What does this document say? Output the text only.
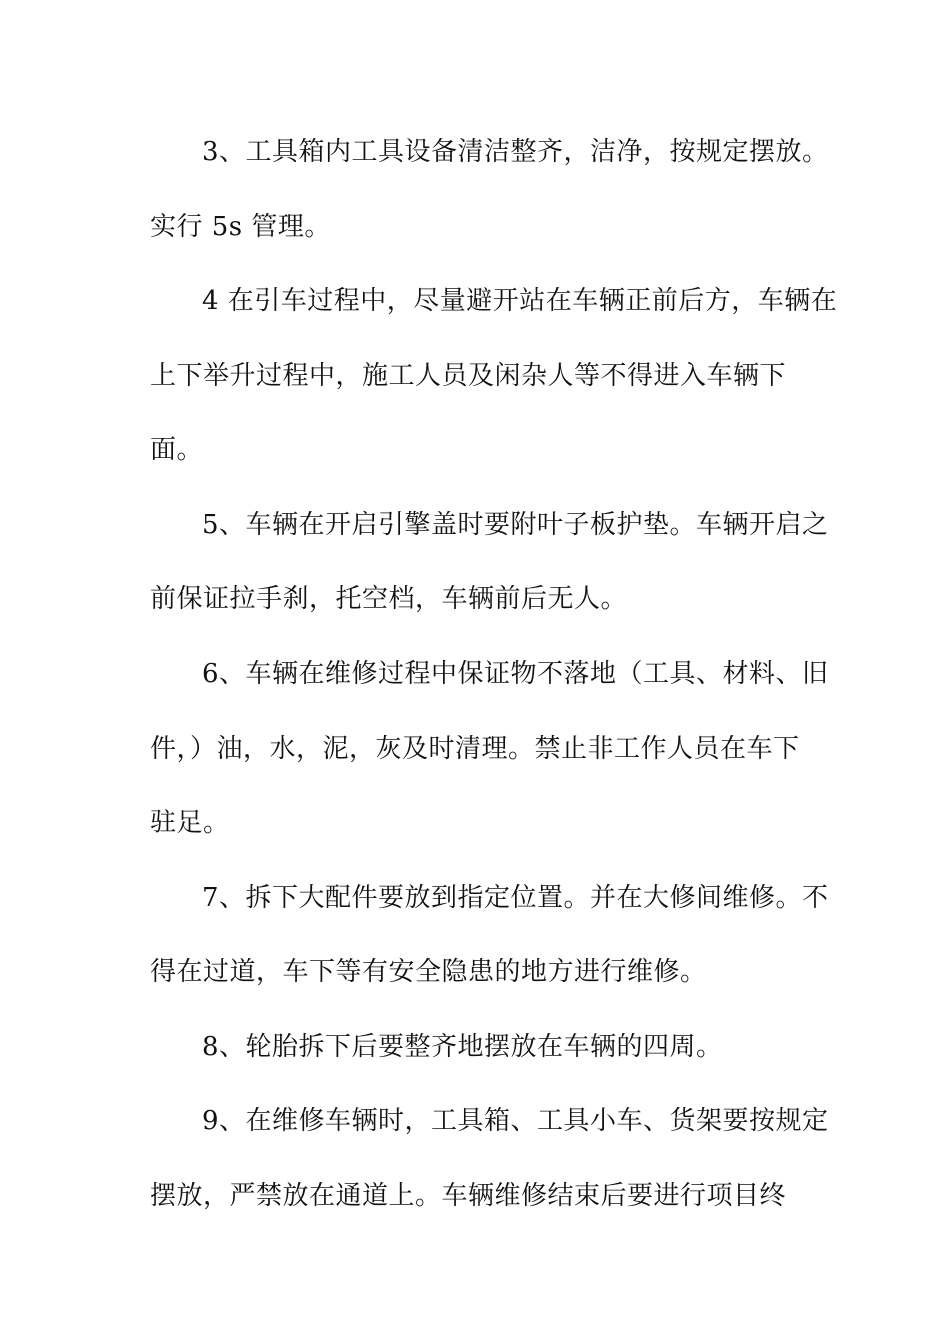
3、工具箱内工具设备清洁整齐，洁净，按规定摆放。
实行 5s 管理。
4 在引车过程中，尽量避开站在车辆正前后方，车辆在
上下举升过程中，施工人员及闲杂人等不得进入车辆下
面。
5、车辆在开启引擎盖时要附叶子板护垫。车辆开启之
前保证拉手刹，托空档，车辆前后无人。
6、车辆在维修过程中保证物不落地（工具、材料、旧
件，）油，水，泥，灰及时清理。禁止非工作人员在车下
驻足。
7、拆下大配件要放到指定位置。并在大修间维修。不
得在过道，车下等有安全隐患的地方进行维修。
8、轮胎拆下后要整齐地摆放在车辆的四周。
9、在维修车辆时，工具箱、工具小车、货架要按规定
摆放，严禁放在通道上。车辆维修结束后要进行项目终
